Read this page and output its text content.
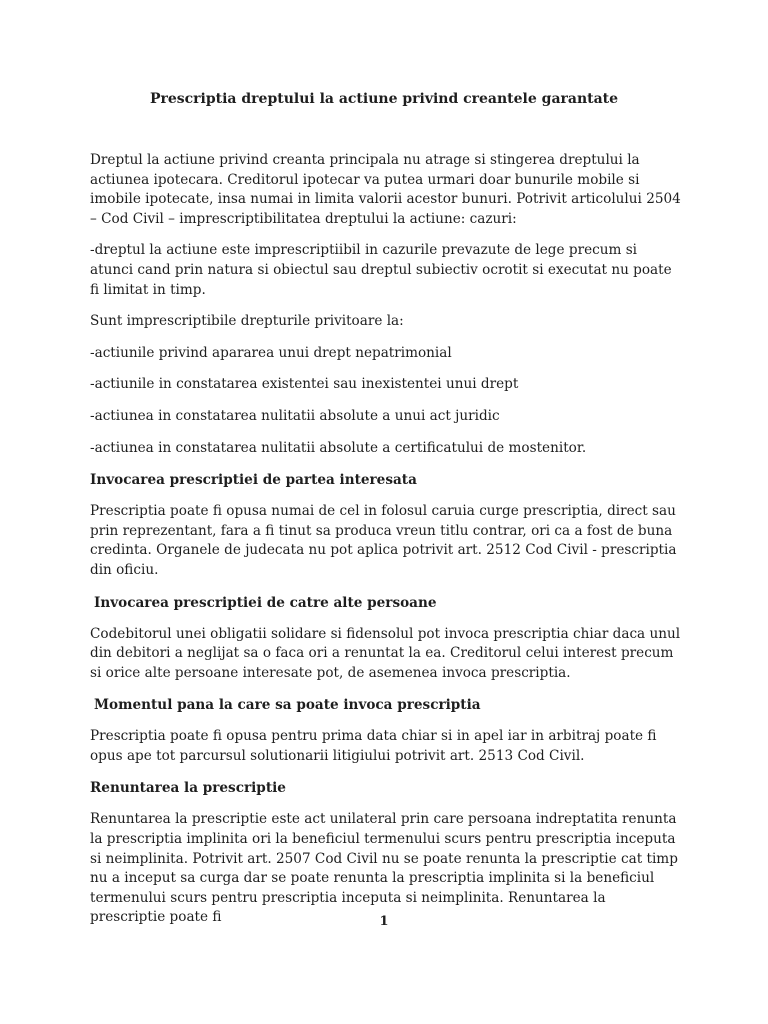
Prescriptia dreptului la actiune privind creantele garantate

Dreptul la actiune privind creanta principala nu atrage si stingerea dreptului la actiunea ipotecara. Creditorul ipotecar va putea urmari doar bunurile mobile si imobile ipotecate, insa numai in limita valorii acestor bunuri. Potrivit articolului 2504 – Cod Civil – imprescriptibilitatea dreptului la actiune: cazuri:

-dreptul la actiune este imprescriptiibil in cazurile prevazute de lege precum si atunci cand prin natura si obiectul sau dreptul subiectiv ocrotit si executat nu poate fi limitat in timp.

Sunt imprescriptibile drepturile privitoare la:

-actiunile privind apararea unui drept nepatrimonial

-actiunile in constatarea existentei sau inexistentei unui drept

-actiunea in constatarea nulitatii absolute a unui act juridic

-actiunea in constatarea nulitatii absolute a certificatului de mostenitor.

Invocarea prescriptiei de partea interesata

Prescriptia poate fi opusa numai de cel in folosul caruia curge prescriptia, direct sau prin reprezentant, fara a fi tinut sa produca vreun titlu contrar, ori ca a fost de buna credinta. Organele de judecata nu pot aplica potrivit art. 2512 Cod Civil - prescriptia din oficiu.

Invocarea prescriptiei de catre alte persoane

Codebitorul unei obligatii solidare si fidensolul pot invoca prescriptia chiar daca unul din debitori a neglijat sa o faca ori a renuntat la ea. Creditorul celui interest precum si orice alte persoane interesate pot, de asemenea invoca prescriptia.

Momentul pana la care sa poate invoca prescriptia

Prescriptia poate fi opusa pentru prima data chiar si in apel iar in arbitraj poate fi opus ape tot parcursul solutionarii litigiului potrivit art. 2513 Cod Civil.

Renuntarea la prescriptie

Renuntarea la prescriptie este act unilateral prin care persoana indreptatita renunta la prescriptia implinita ori la beneficiul termenului scurs pentru prescriptia inceputa si neimplinita. Potrivit art. 2507 Cod Civil nu se poate renunta la prescriptie cat timp nu a inceput sa curga dar se poate renunta la prescriptia implinita si la beneficiul termenului scurs pentru prescriptia inceputa si neimplinita. Renuntarea la prescriptie poate fi	1
